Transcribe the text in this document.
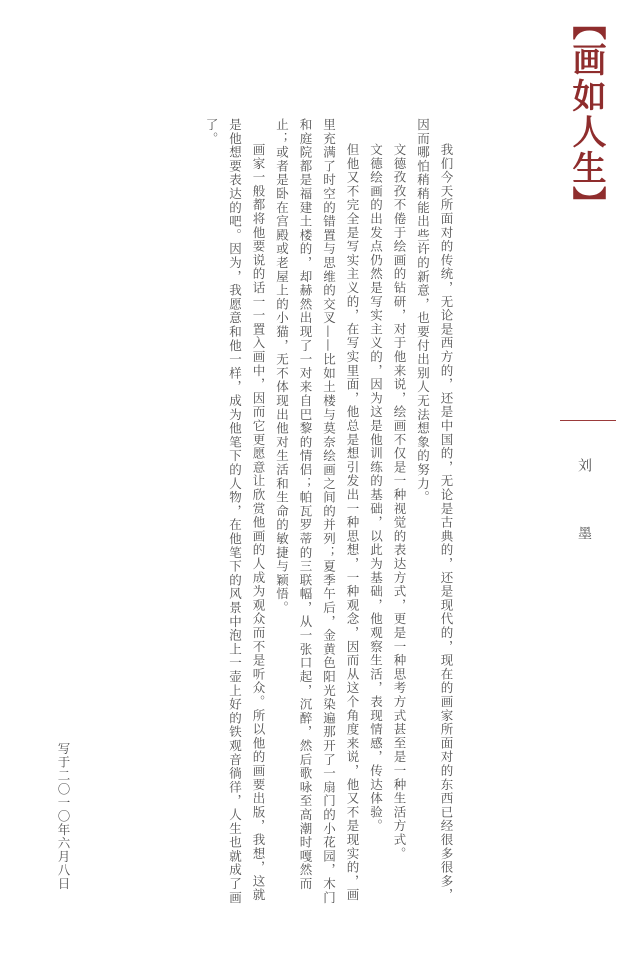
【画如人生】
刘　墨

我们今天所面对的传统，无论是西方的，还是中国的，无论是古典的，还是现代的，现在的画家所面对的东西已经很多很多，因而哪怕稍稍能出些许的新意，也要付出别人无法想象的努力。

文德孜孜不倦于绘画的钻研，对于他来说，绘画不仅是一种视觉的表达方式，更是一种思考方式甚至是一种生活方式。

文德绘画的出发点仍然是写实主义的，因为这是他训练的基础，以此为基础，他观察生活，表现情感，传达体验。

但他又不完全是写实主义的，在写实里面，他总是想引发出一种思想，一种观念，因而从这个角度来说，他又不是现实的，画里充满了时空的错置与思维的交叉——比如土楼与莫奈绘画之间的并列；夏季午后，金黄色阳光染遍那开了一扇门的小花园，木门和庭院都是福建土楼的，却赫然出现了一对来自巴黎的情侣；帕瓦罗蒂的三联幅，从一张口起，沉醉，然后歌咏至高潮时嘎然而止；或者是卧在宫殿或老屋上的小猫，无不体现出他对生活和生命的敏捷与颖悟。

画家一般都将他要说的话一一置入画中，因而它更愿意让欣赏他画的人成为观众而不是听众。所以他的画要出版，我想，这就是他想要表达的吧。因为，我愿意和他一样，成为他笔下的人物，在他笔下的风景中泡上一壶上好的铁观音徜徉，人生也就成了画了。

写于二〇一〇年六月八日
